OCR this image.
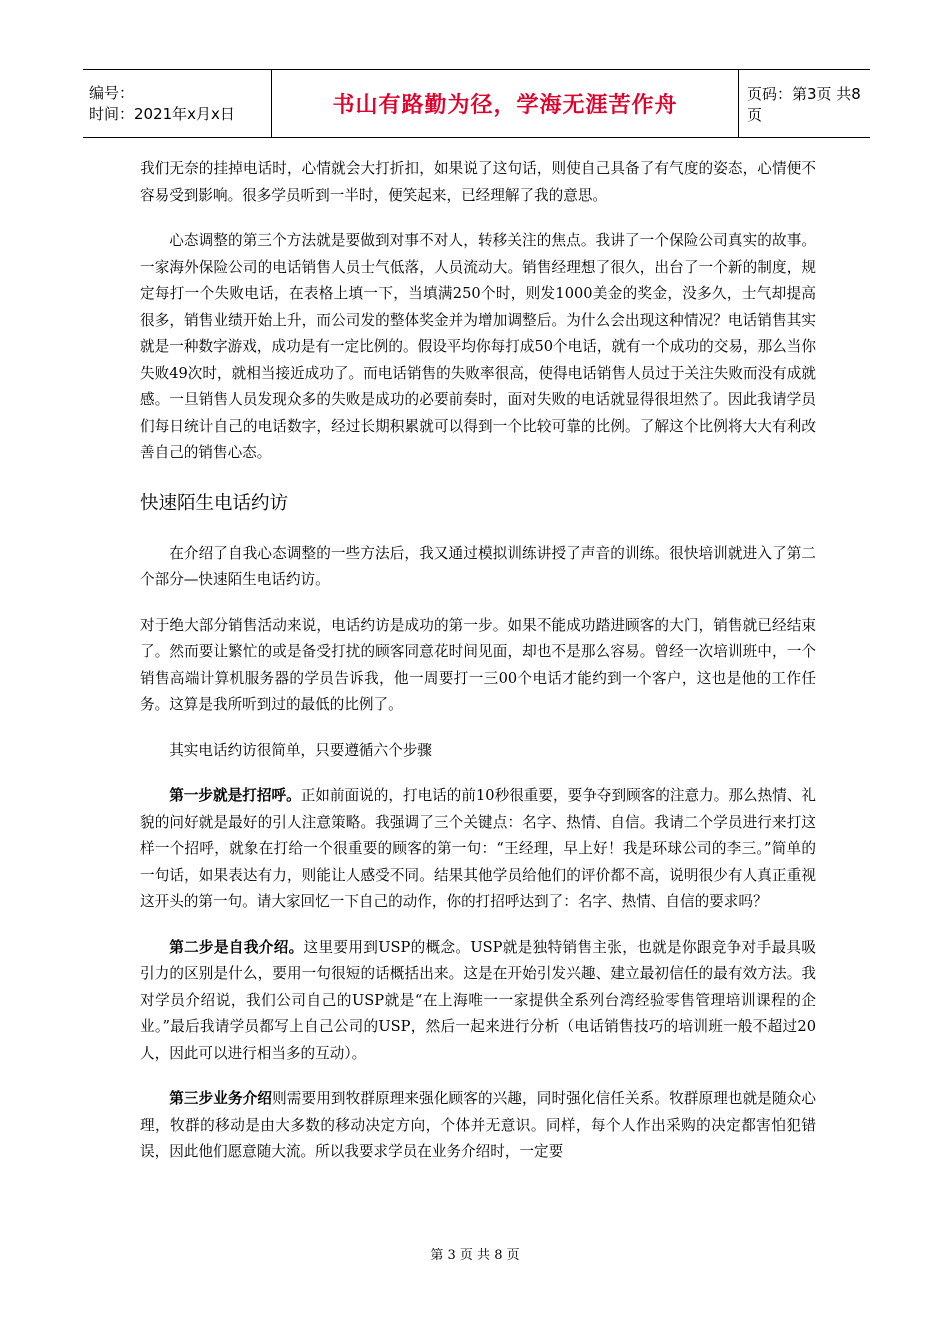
编号：
时间：2021年x月x日	书山有路勤为径，学海无涯苦作舟	页码：第3页 共8页

我们无奈的挂掉电话时，心情就会大打折扣，如果说了这句话，则使自己具备了有气度的姿态，心情便不容易受到影响。很多学员听到一半时，便笑起来，已经理解了我的意思。

心态调整的第三个方法就是要做到对事不对人，转移关注的焦点。我讲了一个保险公司真实的故事。一家海外保险公司的电话销售人员士气低落，人员流动大。销售经理想了很久，出台了一个新的制度，规定每打一个失败电话，在表格上填一下，当填满250个时，则发1000美金的奖金，没多久，士气却提高很多，销售业绩开始上升，而公司发的整体奖金并为增加调整后。为什么会出现这种情况？电话销售其实就是一种数字游戏，成功是有一定比例的。假设平均你每打成50个电话，就有一个成功的交易，那么当你失败49次时，就相当接近成功了。而电话销售的失败率很高，使得电话销售人员过于关注失败而没有成就感。一旦销售人员发现众多的失败是成功的必要前奏时，面对失败的电话就显得很坦然了。因此我请学员们每日统计自己的电话数字，经过长期积累就可以得到一个比较可靠的比例。了解这个比例将大大有利改善自己的销售心态。

快速陌生电话约访

在介绍了自我心态调整的一些方法后，我又通过模拟训练讲授了声音的训练。很快培训就进入了第二个部分—快速陌生电话约访。

对于绝大部分销售活动来说，电话约访是成功的第一步。如果不能成功踏进顾客的大门，销售就已经结束了。然而要让繁忙的或是备受打扰的顾客同意花时间见面，却也不是那么容易。曾经一次培训班中，一个销售高端计算机服务器的学员告诉我，他一周要打一三00个电话才能约到一个客户，这也是他的工作任务。这算是我所听到过的最低的比例了。

其实电话约访很简单，只要遵循六个步骤

第一步就是打招呼。正如前面说的，打电话的前10秒很重要，要争夺到顾客的注意力。那么热情、礼貌的问好就是最好的引人注意策略。我强调了三个关键点：名字、热情、自信。我请二个学员进行来打这样一个招呼，就象在打给一个很重要的顾客的第一句：“王经理，早上好！我是环球公司的李三。”简单的一句话，如果表达有力，则能让人感受不同。结果其他学员给他们的评价都不高，说明很少有人真正重视这开头的第一句。请大家回忆一下自己的动作，你的打招呼达到了：名字、热情、自信的要求吗？

第二步是自我介绍。这里要用到USP的概念。USP就是独特销售主张，也就是你跟竞争对手最具吸引力的区别是什么，要用一句很短的话概括出来。这是在开始引发兴趣、建立最初信任的最有效方法。我对学员介绍说，我们公司自己的USP就是“在上海唯一一家提供全系列台湾经验零售管理培训课程的企业。”最后我请学员都写上自己公司的USP，然后一起来进行分析（电话销售技巧的培训班一般不超过20人，因此可以进行相当多的互动）。

第三步业务介绍则需要用到牧群原理来强化顾客的兴趣，同时强化信任关系。牧群原理也就是随众心理，牧群的移动是由大多数的移动决定方向，个体并无意识。同样，每个人作出采购的决定都害怕犯错误，因此他们愿意随大流。所以我要求学员在业务介绍时，一定要

第 3 页 共 8 页
